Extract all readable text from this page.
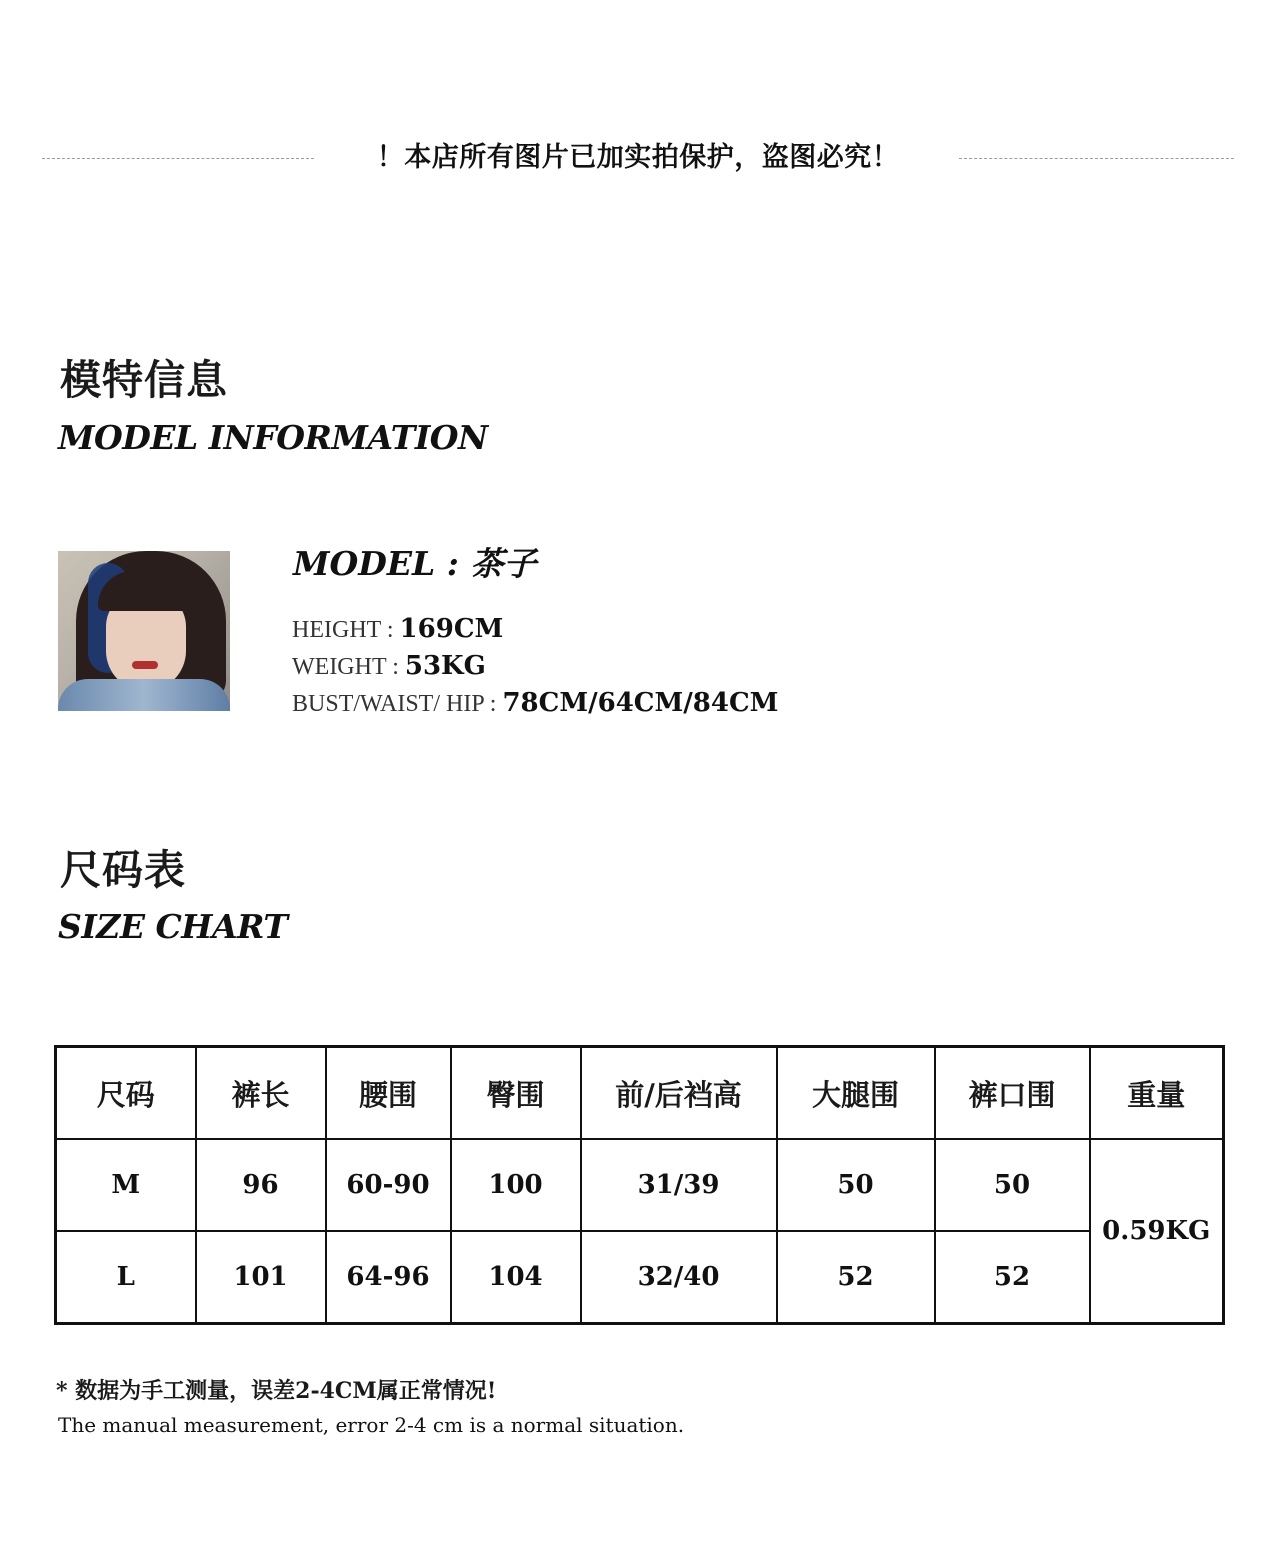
！本店所有图片已加实拍保护，盗图必究！
模特信息
MODEL INFORMATION

MODEL : 茶子

HEIGHT : 169CM

WEIGHT : 53KG

BUST/WAIST/ HIP : 78CM/64CM/84CM

尺码表
SIZE CHART
尺码	裤长	腰围	臀围	前/后裆高	大腿围	裤口围	重量
M	96	60-90	100	31/39	50	50	0.59KG
L	101	64-96	104	32/40	52	52	

* 数据为手工测量，误差2-4CM属正常情况!

The manual measurement, error 2-4 cm is a normal situation.
